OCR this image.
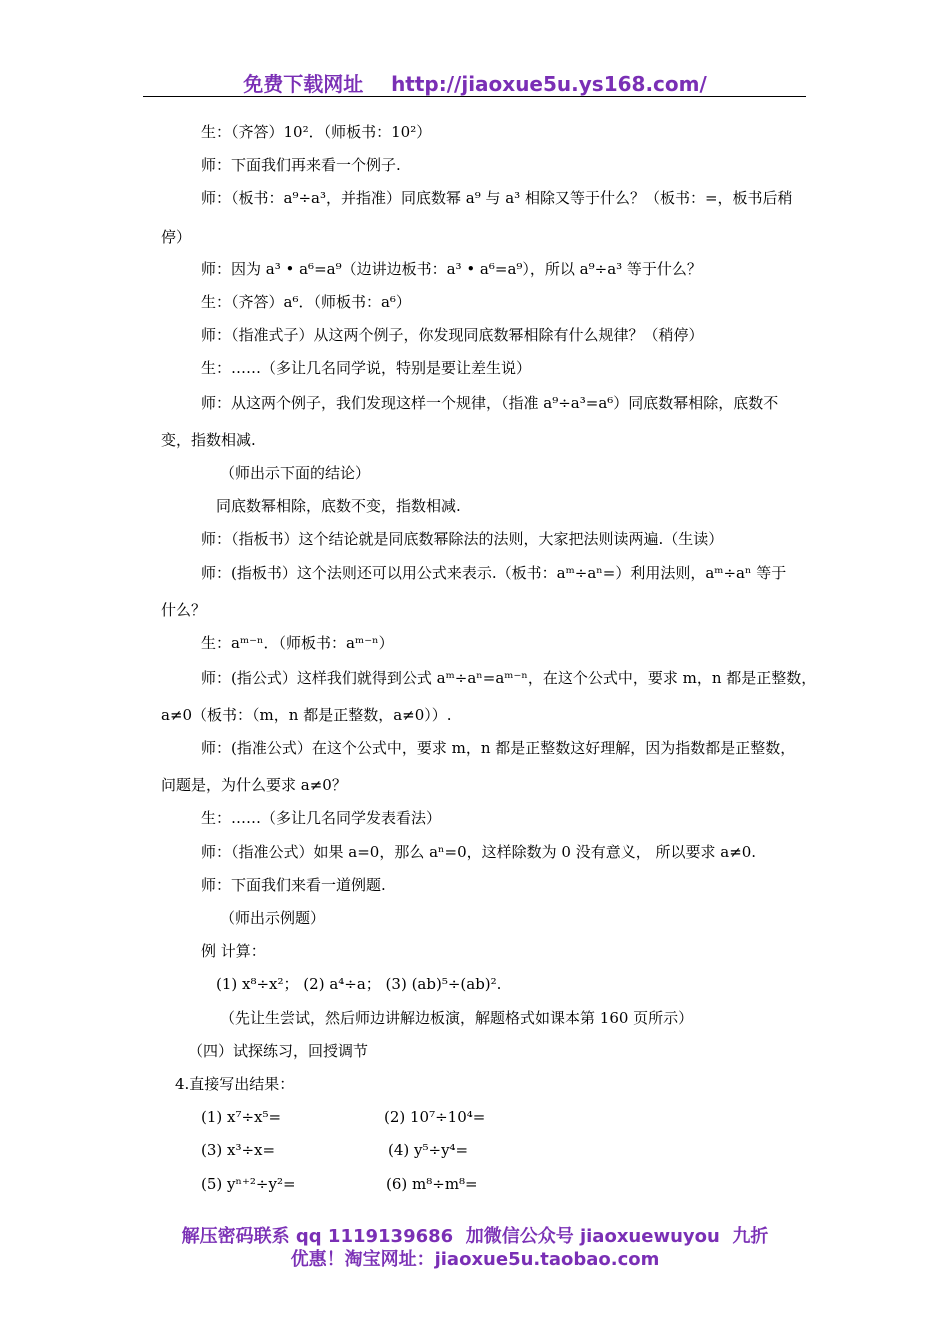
免费下载网址 http://jiaoxue5u.ys168.com/
生：（齐答）10²．（师板书：10²）
师：下面我们再来看一个例子.
师：（板书：a⁹÷a³，并指准）同底数幂 a⁹ 与 a³ 相除又等于什么？（板书：=，板书后稍
停）
师：因为 a³ • a⁶=a⁹（边讲边板书：a³ • a⁶=a⁹），所以 a⁹÷a³ 等于什么？
生：（齐答）a⁶．（师板书：a⁶）
师：（指准式子）从这两个例子，你发现同底数幂相除有什么规律？（稍停）
生：……（多让几名同学说，特别是要让差生说）
师：从这两个例子，我们发现这样一个规律，（指准 a⁹÷a³=a⁶）同底数幂相除，底数不
变，指数相减.
（师出示下面的结论）
同底数幂相除，底数不变，指数相减.
师：（指板书）这个结论就是同底数幂除法的法则，大家把法则读两遍.（生读）
师：(指板书）这个法则还可以用公式来表示.（板书：aᵐ÷aⁿ=）利用法则，aᵐ÷aⁿ 等于
什么？
生：aᵐ⁻ⁿ．（师板书：aᵐ⁻ⁿ）
师：(指公式）这样我们就得到公式 aᵐ÷aⁿ=aᵐ⁻ⁿ，在这个公式中，要求 m，n 都是正整数，
a≠0（板书：（m，n 都是正整数，a≠0））.
师：(指准公式）在这个公式中，要求 m，n 都是正整数这好理解，因为指数都是正整数，
问题是，为什么要求 a≠0？
生：……（多让几名同学发表看法）
师：（指准公式）如果 a=0，那么 aⁿ=0，这样除数为 0 没有意义， 所以要求 a≠0.
师：下面我们来看一道例题.
（师出示例题）
例 计算：
(1) x⁸÷x²； (2) a⁴÷a； (3) (ab)⁵÷(ab)².
（先让生尝试，然后师边讲解边板演，解题格式如课本第 160 页所示）
（四）试探练习，回授调节
4.直接写出结果：
(1) x⁷÷x⁵=	(2) 10⁷÷10⁴=
(3) x³÷x=	(4) y⁵÷y⁴=
(5) yⁿ⁺²÷y²=	(6) m⁸÷m⁸=
解压密码联系 qq 1119139686  加微信公众号 jiaoxuewuyou  九折
优惠！淘宝网址：jiaoxue5u.taobao.com
